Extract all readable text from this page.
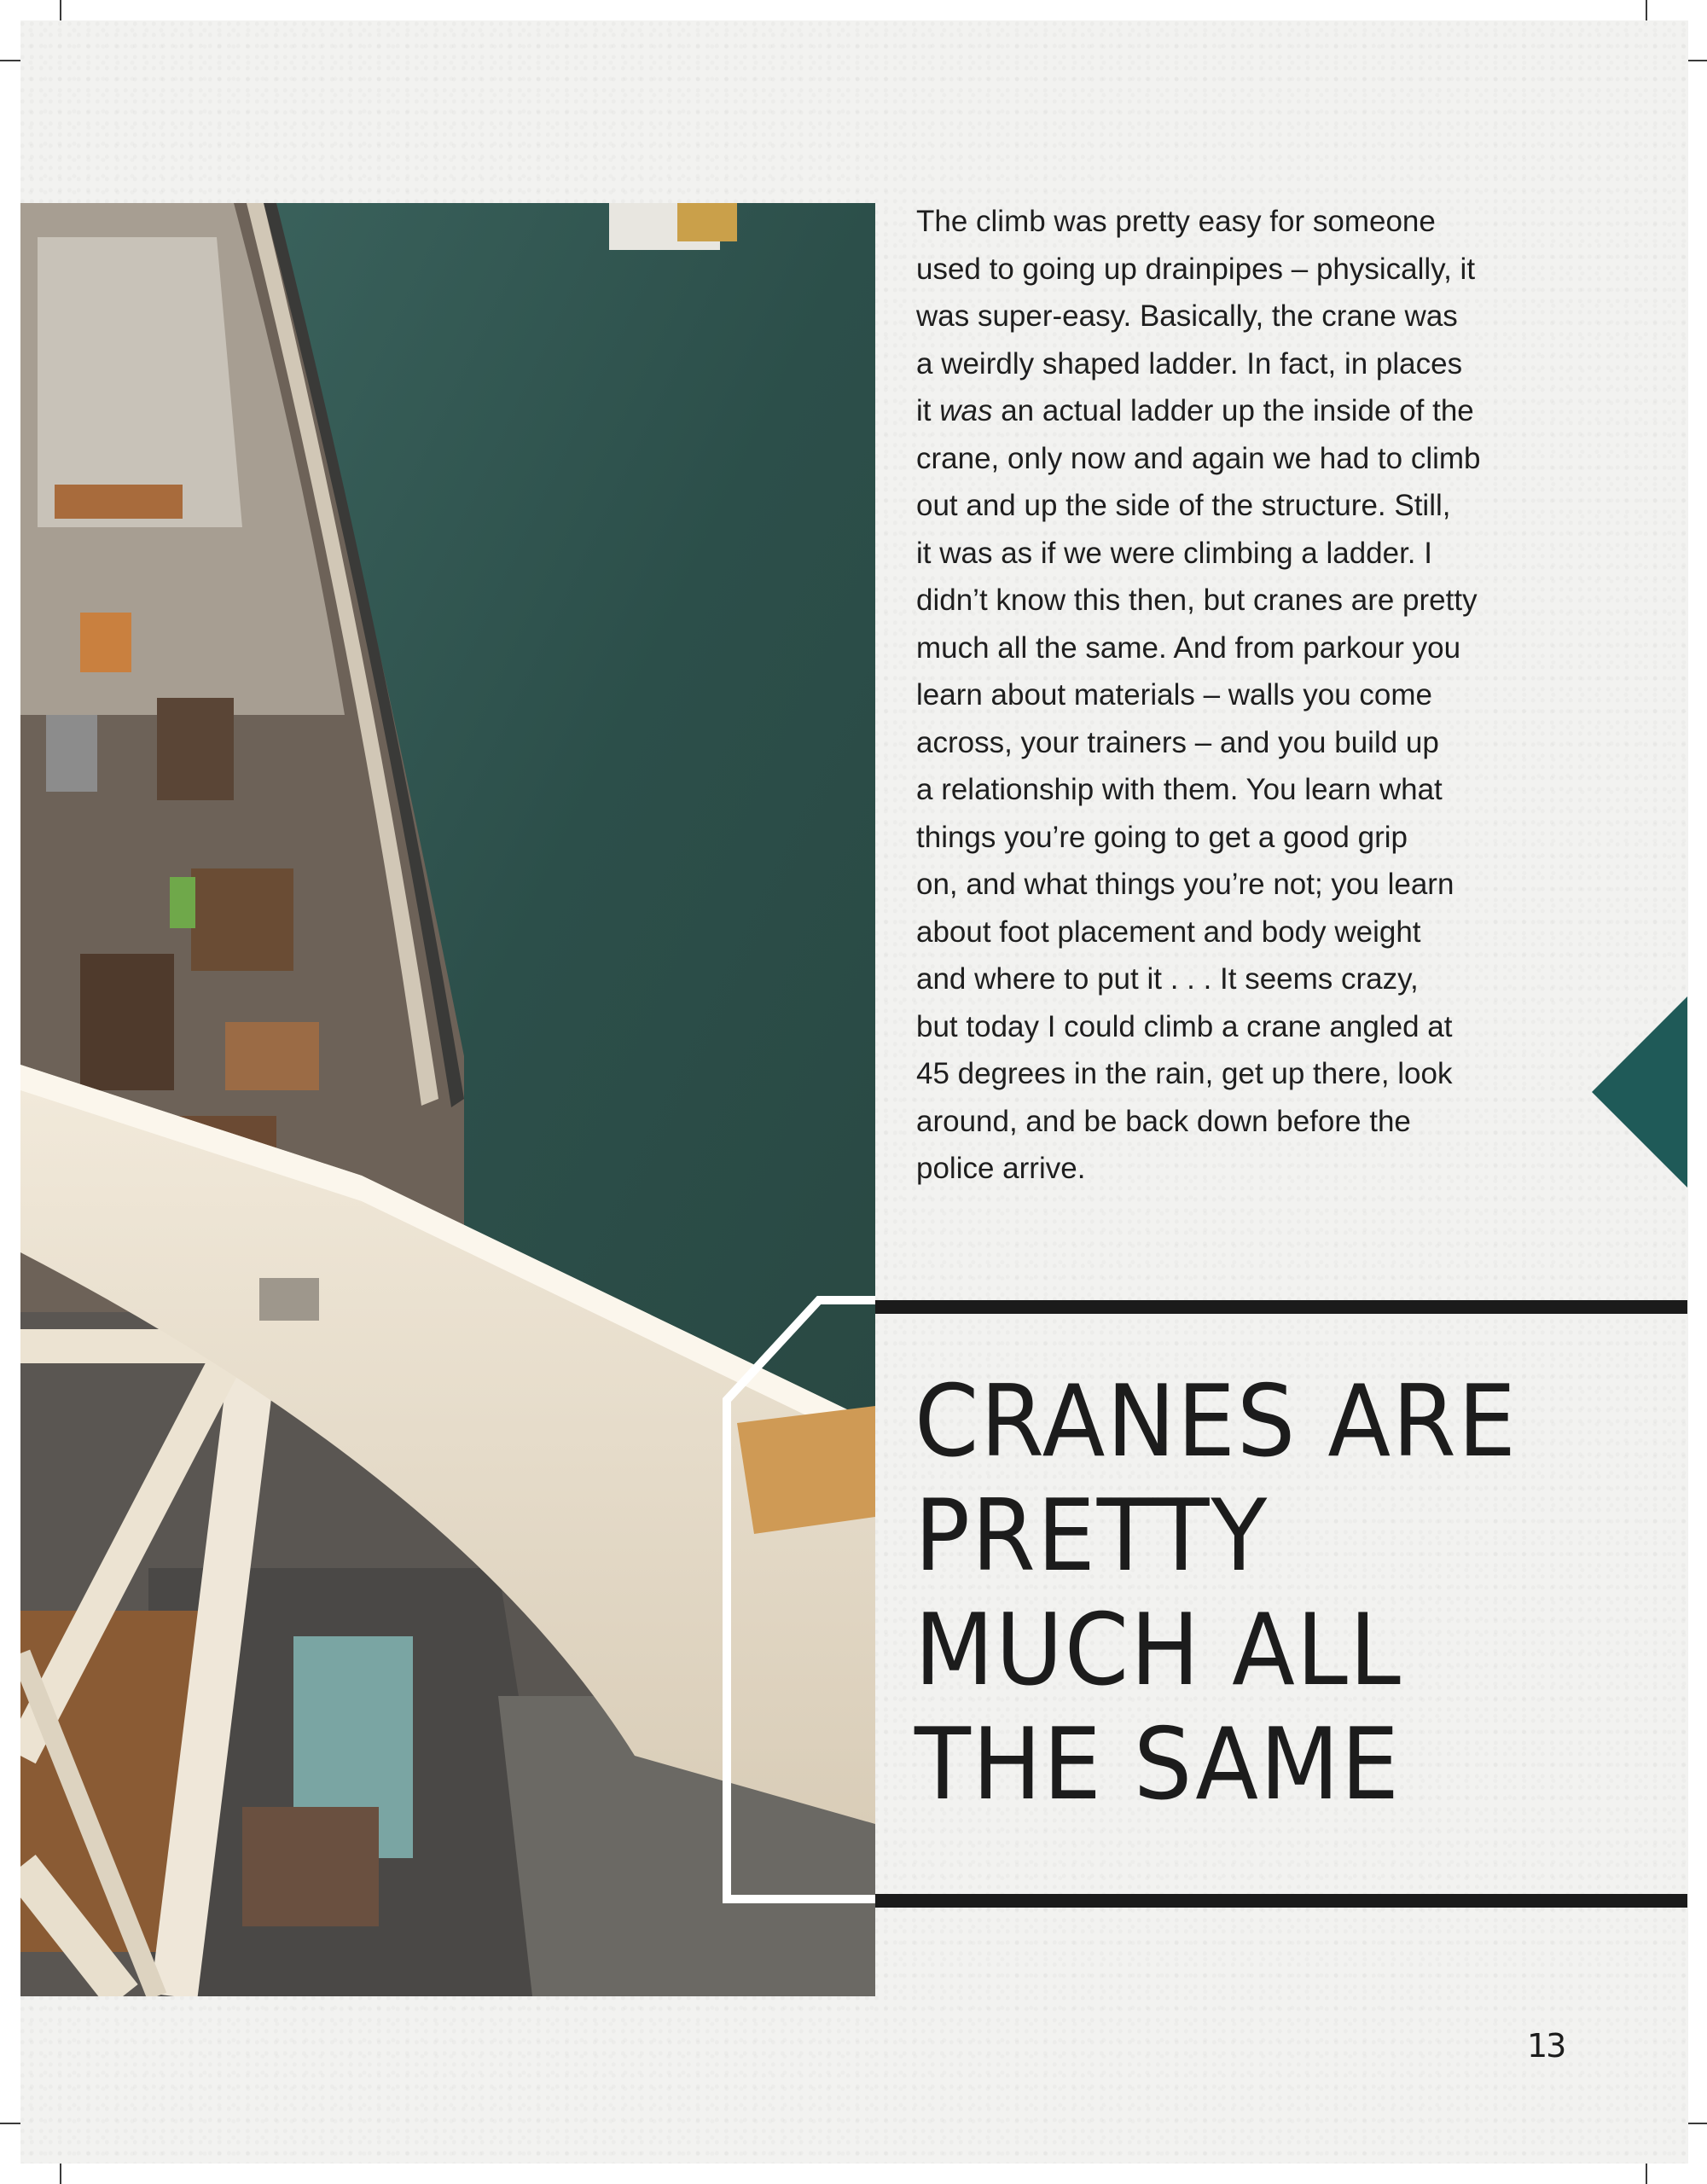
The climb was pretty easy for someone
used to going up drainpipes – physically, it
was super-easy. Basically, the crane was
a weirdly shaped ladder. In fact, in places
it was an actual ladder up the inside of the
crane, only now and again we had to climb
out and up the side of the structure. Still,
it was as if we were climbing a ladder. I
didn’t know this then, but cranes are pretty
much all the same. And from parkour you
learn about materials – walls you come
across, your trainers – and you build up
a relationship with them. You learn what
things you’re going to get a good grip
on, and what things you’re not; you learn
about foot placement and body weight
and where to put it . . . It seems crazy,
but today I could climb a crane angled at
45 degrees in the rain, get up there, look
around, and be back down before the
police arrive.

CRANES ARE
PRETTY
MUCH ALL
THE SAME
13
